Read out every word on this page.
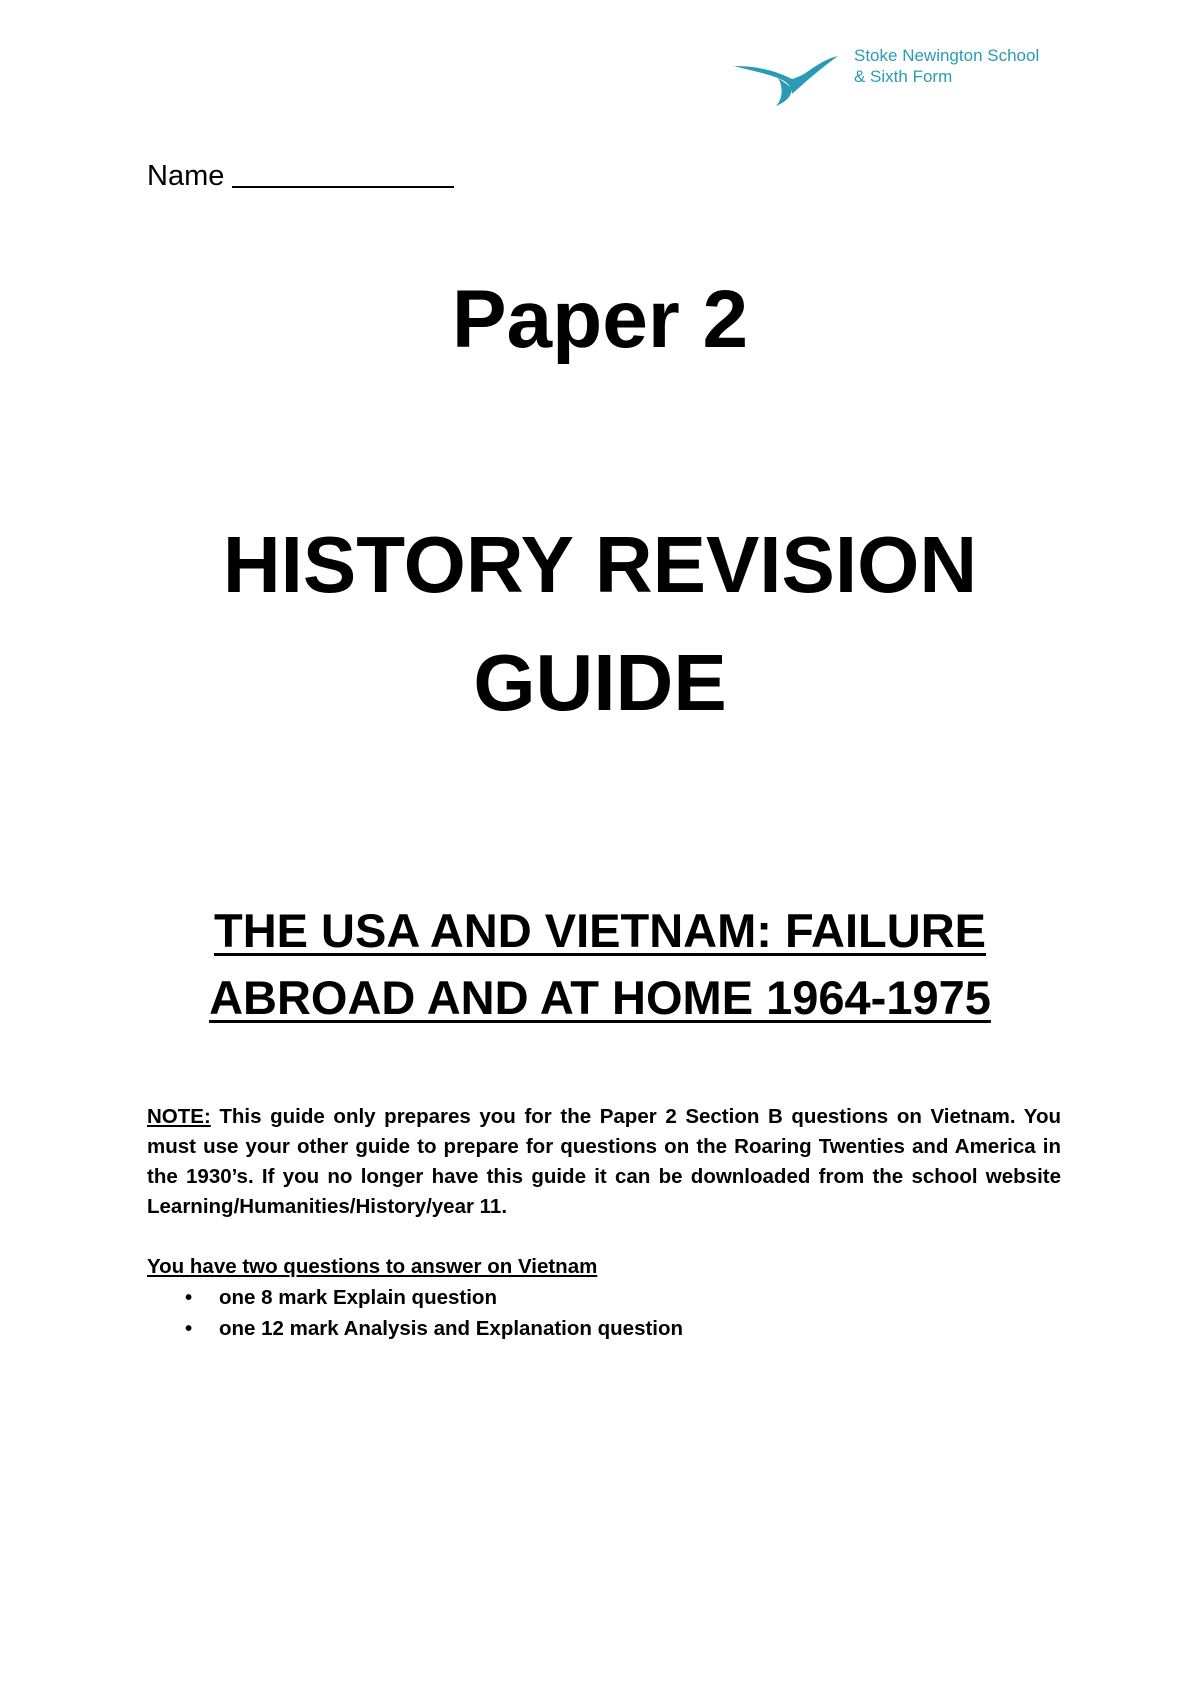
Stoke Newington School
& Sixth Form
Name
Paper 2
HISTORY REVISION
GUIDE
THE USA AND VIETNAM: FAILURE
ABROAD AND AT HOME 1964-1975
NOTE: This guide only prepares you for the Paper 2 Section B questions on Vietnam. You must use your other guide to prepare for questions on the Roaring Twenties and America in the 1930’s. If you no longer have this guide it can be downloaded from the school website Learning/Humanities/History/year 11.
You have two questions to answer on Vietnam
• one 8 mark Explain question
• one 12 mark Analysis and Explanation question
